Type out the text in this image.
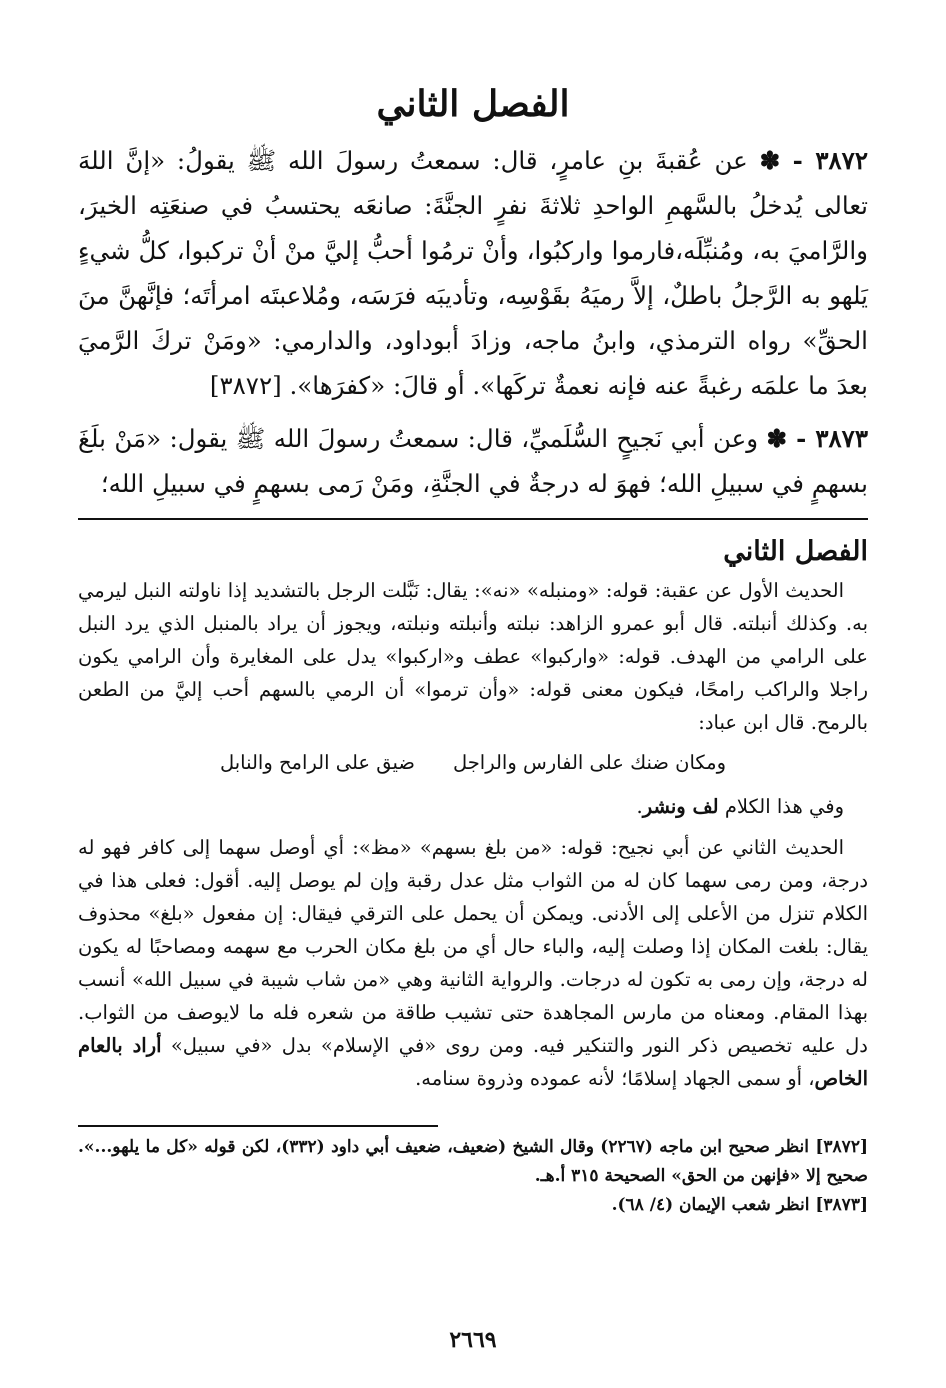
الفصل الثاني

٣٨٧٢ - ✽ عن عُقبةَ بنِ عامرٍ، قال: سمعتُ رسولَ الله ﷺ يقولُ: «إنَّ اللهَ تعالى يُدخلُ بالسَّهمِ الواحدِ ثلاثةَ نفرٍ الجنَّةَ: صانعَه يحتسبُ في صنعَتِه الخيرَ، والرَّاميَ به، ومُنبِّلَه،فارموا واركبُوا، وأنْ ترمُوا أحبُّ إليَّ منْ أنْ تركبوا، كلُّ شيءٍ يَلهو به الرَّجلُ باطلٌ، إلاَّ رميَهُ بقَوْسِه، وتأديبَه فرَسَه، ومُلاعبتَه امرأتَه؛ فإنَّهنَّ منَ الحقِّ» رواه الترمذي، وابنُ ماجه، وزادَ أبوداود، والدارمي: «ومَنْ تركَ الرَّميَ بعدَ ما علمَه رغبةً عنه فإنه نعمةٌ تركَها». أو قالَ: «كفرَها». [٣٨٧٢]

٣٨٧٣ - ✽ وعن أبي نَجيحٍ السُّلَميِّ، قال: سمعتُ رسولَ الله ﷺ يقول: «مَنْ بلَغَ بسهمٍ في سبيلِ الله؛ فهوَ له درجةٌ في الجنَّةِ، ومَنْ رَمى بسهمٍ في سبيلِ الله؛

الفصل الثاني

الحديث الأول عن عقبة: قوله: «ومنبله» «نه»: يقال: نَبَّلت الرجل بالتشديد إذا ناولته النبل ليرمي به. وكذلك أنبلته. قال أبو عمرو الزاهد: نبلته وأنبلته ونبلته، ويجوز أن يراد بالمنبل الذي يرد النبل على الرامي من الهدف. قوله: «واركبوا» عطف و«اركبوا» يدل على المغايرة وأن الرامي يكون راجلا والراكب رامحًا، فيكون معنى قوله: «وأن ترموا» أن الرمي بالسهم أحب إليَّ من الطعن بالرمح. قال ابن عباد:

ومكان ضنك على الفارس والراجل
ضيق على الرامح والنابل

وفي هذا الكلام لف ونشر.

الحديث الثاني عن أبي نجيح: قوله: «من بلغ بسهم» «مظ»: أي أوصل سهما إلى كافر فهو له درجة، ومن رمى سهما كان له من الثواب مثل عدل رقبة وإن لم يوصل إليه. أقول: فعلى هذا في الكلام تنزل من الأعلى إلى الأدنى. ويمكن أن يحمل على الترقي فيقال: إن مفعول «بلغ» محذوف يقال: بلغت المكان إذا وصلت إليه، والباء حال أي من بلغ مكان الحرب مع سهمه ومصاحبًا له يكون له درجة، وإن رمى به تكون له درجات. والرواية الثانية وهي «من شاب شيبة في سبيل الله» أنسب بهذا المقام. ومعناه من مارس المجاهدة حتى تشيب طاقة من شعره فله ما لايوصف من الثواب. دل عليه تخصيص ذكر النور والتنكير فيه. ومن روى «في الإسلام» بدل «في سبيل» أراد بالعام الخاص، أو سمى الجهاد إسلامًا؛ لأنه عموده وذروة سنامه.

[٣٨٧٢] انظر صحيح ابن ماجه (٢٢٦٧) وقال الشيخ (ضعيف، ضعيف أبي داود (٣٣٢)، لكن قوله «كل ما يلهو...». صحيح إلا «فإنهن من الحق» الصحيحة ٣١٥ أ.هـ.

[٣٨٧٣] انظر شعب الإيمان (٤/ ٦٨).

٢٦٦٩
